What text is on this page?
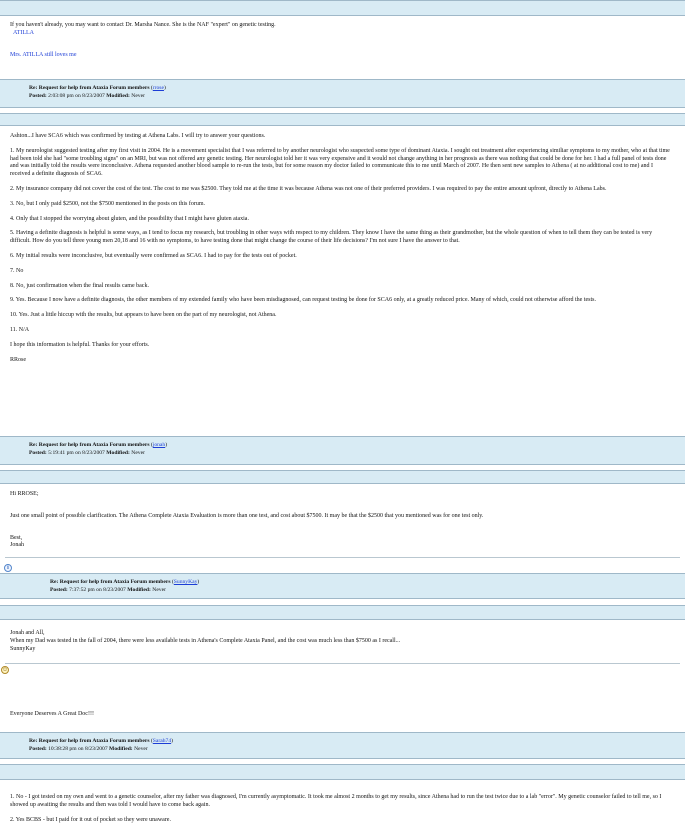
If you haven't already, you may want to contact Dr. Marsha Nance. She is the NAF "expert" on genetic testing.
ATILLA
Mrs. ATILLA still loves me
Re: Request for help from Ataxia Forum members (rrose)
Posted: 2:03:08 pm on 8/23/2007 Modified: Never

Ashton...I have SCA6 which was confirmed by testing at Athena Labs. I will try to answer your questions.

1. My neurologist suggested testing after my first visit in 2004. He is a movement specialist that I was referred to by another neurologist who suspected some type of dominant Ataxia. I sought out treatment after experiencing similiar symptoms to my mother, who at that time had been told she had "some troubling signs" on an MRI, but was not offered any genetic testing. Her neurologist told her it was very expensive and it would not change anything in her prognosis as there was nothing that could be done for her. I had a full panel of tests done and was initially told the results were inconclusive. Athena requested another blood sample to re-run the tests, but for some reason my doctor failed to communicate this to me until March of 2007. He then sent new samples to Athena ( at no additional cost to me) and I received a definite diagnosis of SCA6.

2. My insurance company did not cover the cost of the test. The cost to me was $2500. They told me at the time it was because Athena was not one of their preferred providers. I was required to pay the entire amount upfront, directly to Athena Labs.

3. No, but I only paid $2500, not the $7500 mentioned in the posts on this forum.

4. Only that I stopped the worrying about gluten, and the possibility that I might have gluten ataxia.

5. Having a definite diagnosis is helpful is some ways, as I tend to focus my research, but troubling in other ways with respect to my children. They know I have the same thing as their grandmother, but the whole question of when to tell them they can be tested is very difficult. How do you tell three young men 20,18 and 16 with no symptoms, to have testing done that might change the course of their life decisions? I'm not sure I have the answer to that.

6. My initial results were inconclusive, but eventually were confirmed as SCA6. I had to pay for the tests out of pocket.

7. No

8. No, just confirmation when the final results came back.

9. Yes. Because I now have a definite diagnosis, the other members of my extended family who have been misdiagnosed, can request testing be done for SCA6 only, at a greatly reduced price. Many of which, could not otherwise afford the tests.

10. Yes. Just a little hiccup with the results, but appears to have been on the part of my neurologist, not Athena.

11. N/A

I hope this information is helpful. Thanks for your efforts.

RRose

Re: Request for help from Ataxia Forum members (jonah)
Posted: 5:19:41 pm on 8/23/2007 Modified: Never

Hi RROSE;

Just one small point of possible clarification. The Athena Complete Ataxia Evaluation is more than one test, and cost about $7500. It may be that the $2500 that you mentioned was for one test only.

Best,
Jonah
i
Re: Request for help from Ataxia Forum members (SunnyKay)
Posted: 7:37:52 pm on 8/23/2007 Modified: Never
Jonah and All,
When my Dad was tested in the fall of 2004, there were less available tests in Athena's Complete Ataxia Panel, and the cost was much less than $7500 as I recall...
SunnyKay
☺
Everyone Deserves A Great Doc!!!
Re: Request for help from Ataxia Forum members (Sarah74)
Posted: 10:38:28 pm on 8/23/2007 Modified: Never

1. No - I got tested on my own and went to a genetic counselor, after my father was diagnosed, I'm currently asymptomatic. It took me almost 2 months to get my results, since Athena had to run the test twice due to a lab "error". My genetic counselor failed to tell me, so I showed up awaiting the results and then was told I would have to come back again.

2. Yes BCBS - but I paid for it out of pocket so they were unaware.
